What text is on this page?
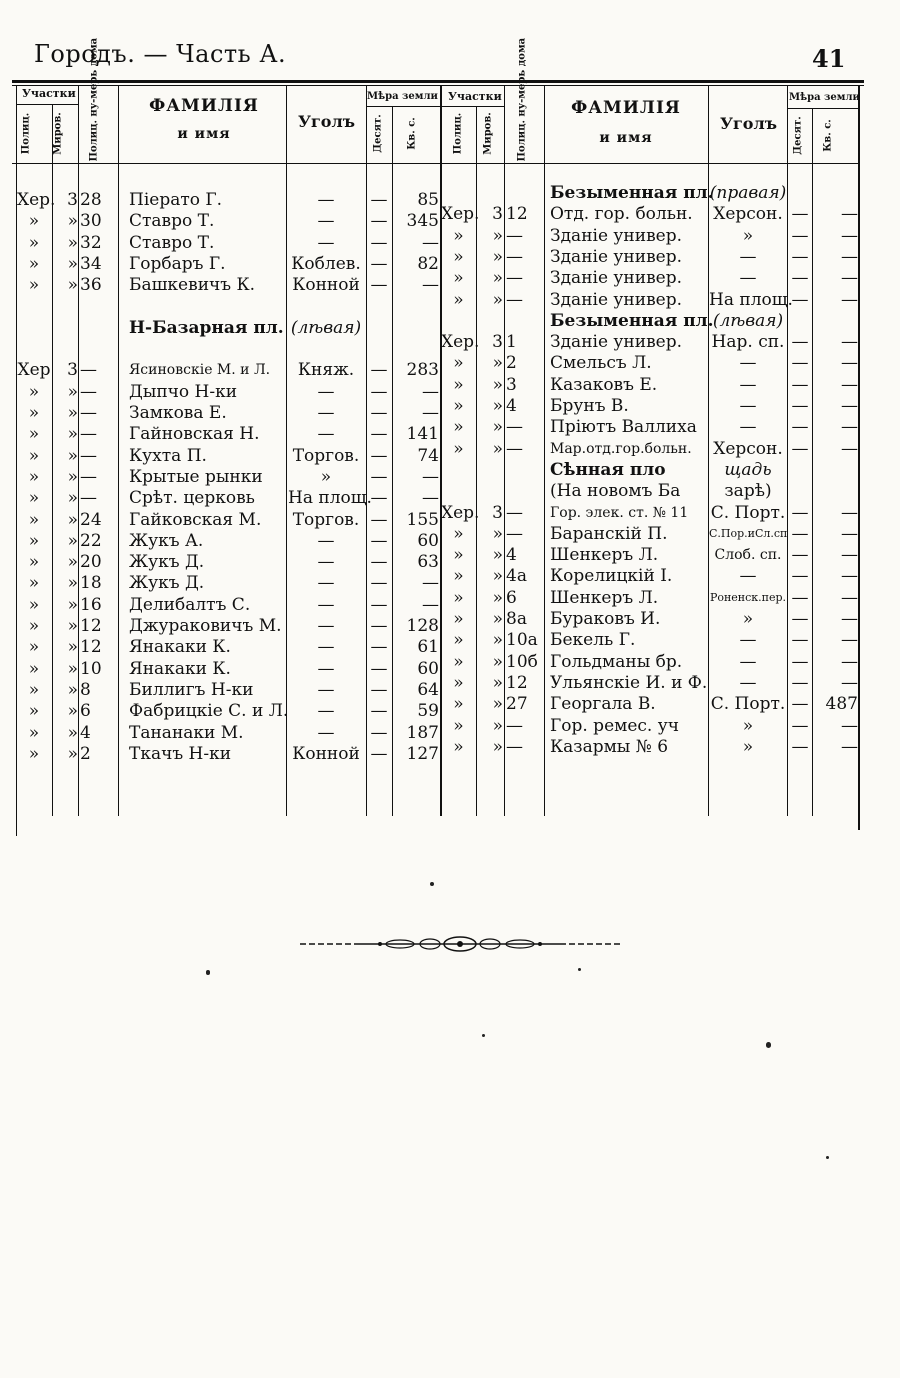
Городъ. — Часть А.	41
Участки
Полиц. Миров.	Полиц. ну-мерь дома	ФАМИЛІЯ
и имя
Уголъ
Мѣра земли
Десят. Кв. с.
Участки
Полиц. Миров. Полиц. ну-мерь дома	ФАМИЛІЯ
и имя
Уголъ
Мѣра земли
Десят. Кв. с.
Хер. 3 28	Піерато Г.	—	—	85
»	» 30	Ставро Т.	—	—	345
»	» 32	Ставро Т.	—	—	—
»	» 34	Горбаръ Г.	Коблев. —	82
»	» 36	Башкевичъ К.	Конной —	—
Н-Базарная пл. (лѣвая)
Хер 3 —	Ясиновскіе М. и Л.	Княж. —	283
»	» —	Дыпчо Н-ки	—	—	—
»	» —	Замкова Е.	—	—	—
»	» —	Гайновская Н.	—	—	141
»	» —	Кухта П.	Торгов. —	74
»	» —	Крытые рынки	»	—	—
»	» —	Срѣт. церковь	На площ.
—	—
»	» 24	Гайковская М.	Торгов. —	155
»	» 22	Жукъ А.	—	—	60
»	» 20	Жукъ Д.	—	—	63
»	» 18	Жукъ Д.	—	—	—
»	» 16	Делибалтъ С.	—	—	—
»	» 12	Джураковичъ М.	—	—	128
»	» 12	Янакаки К.	—	—	61
»	» 10	Янакаки К.	—	—	60
»	» 8	Биллигъ Н-ки	—	—	64
»	» 6	Фабрицкіе С. и Л.	—	—	59
»	» 4	Тананаки М.	—	—	187
»	» 2	Ткачъ Н-ки	Конной —	127
Безыменная пл.
(правая)
Хер. 3 12	Отд. гор. больн.	Херсон. —	—
»	» —	Зданіе универ.	»	—	—
»	» —	Зданіе универ.	—	—	—
»	» —	Зданіе универ.	—	—	—
»	» —	Зданіе универ.	На площ.
—	—
Безыменная пл. (лѣвая)
Хер. 3 1	Зданіе универ.	Нар. сп. —	—
»	» 2	Смельсъ Л.	—	—	—
»	» 3	Казаковъ Е.	—	—	—
»	» 4	Брунъ В.	—	—	—
»	» —	Пріютъ Валлиха	—	—	—
»	» —	Мар.отд.гор.больн.	Херсон. —	—
Сѣнная пло	щадь
(На новомъ Ба	зарѣ)
Хер. 3 —	Гор. элек. ст. № 11	С. Порт. —	—
»	» —	Баранскій П.	С.Пор.иСл.сп —	—
»	» 4	Шенкеръ Л.	Слоб. сп. —	—
»	» 4а	Корелицкій І.	—	—	—
»	» 6	Шенкеръ Л.	Роненск.пер. —	—
»	» 8а	Бураковъ И.	»	—	—
»	» 10а Бекель Г.	—	—	—
»	» 10б Гольдманы бр.	—	—	—
»	» 12	Ульянскіе И. и Ф.	—	—	—
»	» 27	Георгала В.	С. Порт. —	487
»	» —	Гор. ремес. уч	»	—	—
»	» —	Казармы № 6	»	—	—
